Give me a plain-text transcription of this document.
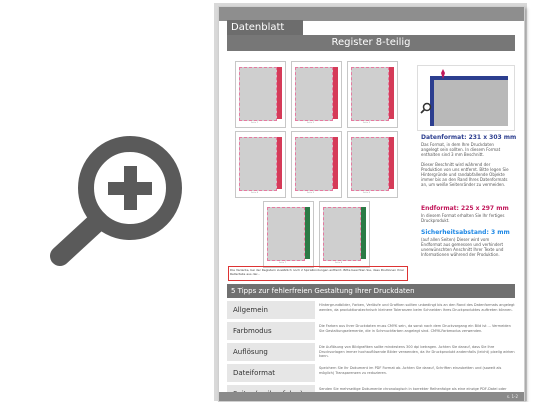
Datenblatt
Register 8-teilig
Seite 1	Seite 2	Seite 3
Seite 4	Seite 5	Seite 6
Seite 7	Seite 8
Datenformat: 231 x 303 mm
Das Format, in dem Ihre Druckdaten angelegt sein sollten. In diesem Format enthalten sind 3 mm Beschnitt.
Dieser Beschnitt wird während der Produktion von uns entfernt. Bitte legen Sie Hintergründe und randabfallende Objekte immer bis an den Rand Ihres Datenformats an, um weiße Seitenränder zu vermeiden.
Endformat: 225 x 297 mm
In diesem Format erhalten Sie Ihr fertiges Druckprodukt.
Sicherheitsabstand: 3 mm
(auf allen Seiten) Dieser wird vom Endformat aus gemessen und verhindert unerwünschten Anschnitt Ihrer Texte und Informationen während der Produktion.
Die Variante, bei der Registern zusätzlich noch 2 Spiralbindungen entfernt. Bitte beachten Sie, dass Positionen Ihrer Reitertabs aus der...
5 Tipps zur fehlerfreien Gestaltung Ihrer Druckdaten
Allgemein
Hintergrundbilder, Farben, Verläufe und Grafiken sollten unbedingt bis an den Rand des Datenformats angelegt werden, da produktionstechnisch kleinere Toleranzen beim Schneiden Ihres Druckproduktes auftreten können.
Farbmodus
Die Farben aus Ihrer Druckdaten muss CMYK sein, da sonst nach dem Druckvorgang ein Bild ist ... Vermeiden Sie Gestaltungselemente, die in Schmuckfarben angelegt sind. CMYK-Farbmodus verwenden.
Auflösung
Die Auflösung von Bildgrafiken sollte mindestens 300 dpi betragen. Achten Sie darauf, dass Sie Ihre Druckvorlagen immer hochauflösende Bilder verwenden, da Ihr Druckprodukt andernfalls (leicht) pixelig wirken kann.
Dateiformat
Speichern Sie Ihr Dokument im PDF Format ab. Achten Sie darauf, Schriften einzubetten und (soweit als möglich) Transparenzen zu reduzieren.
Senden Sie mehrseitige Dokumente chronologisch in korrekter Reihenfolge als eine einzige PDF-Datei oder
s. 1-2
